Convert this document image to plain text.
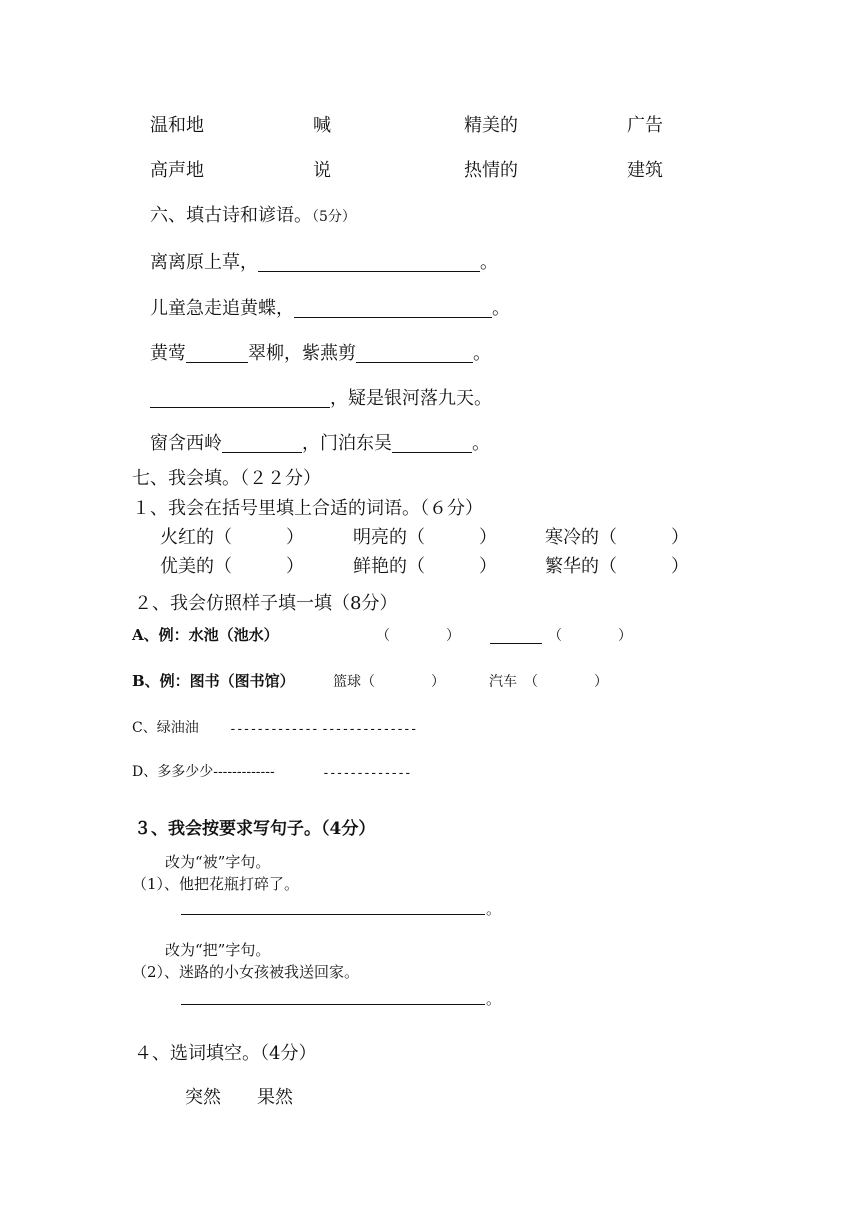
温和地	喊	精美的	广告
高声地	说	热情的	建筑
六、填古诗和谚语。（5分）
离离原上草，	。
儿童急走追黄蝶，	。
黄莺	翠柳，紫燕剪	。
，疑是银河落九天。
窗含西岭	，门泊东吴	。
七、我会填。（２２分）
１、我会在括号里填上合适的词语。（６分）
火红的（　　　）	明亮的（　　　）	寒冷的（　　　）
优美的（　　　）	鲜艳的（　　　）	繁华的（　　　）
２、我会仿照样子填一填（8分）
A、例：水池（池水）	（　　　　）	（　　　　）
B、例：图书（图书馆）	篮球（　　　　）	汽车　（　　　　）
C、绿油油 ------------- --------------
D、多多少少-------------	-------------
３、我会按要求写句子。（4分）
改为“被”字句。
（1）、他把花瓶打碎了。
。
改为“把”字句。
（2）、迷路的小女孩被我送回家。
。
４、选词填空。（4分）
突然 果然
